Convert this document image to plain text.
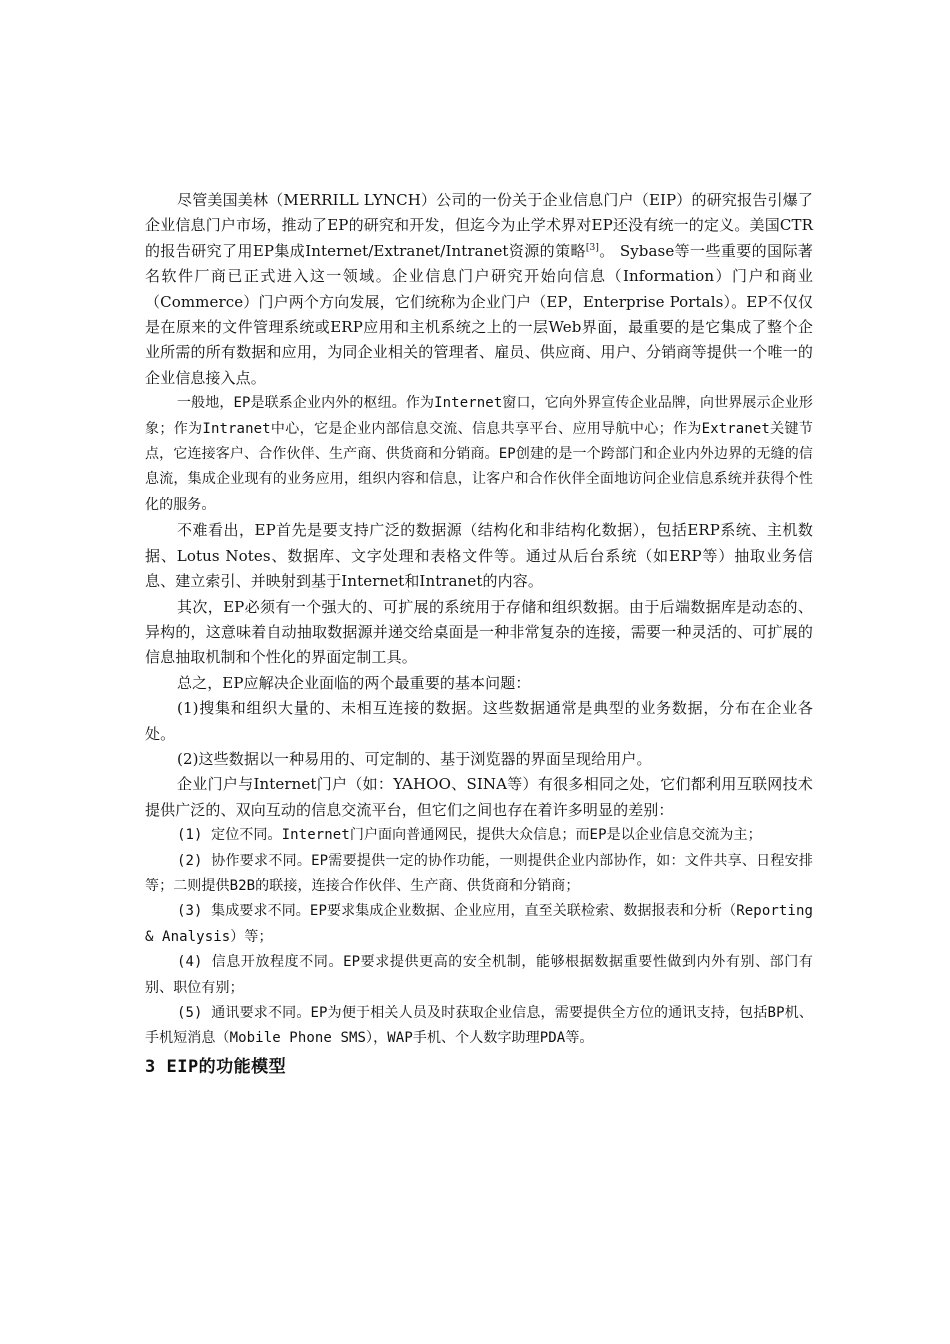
尽管美国美林（MERRILL LYNCH）公司的一份关于企业信息门户（EIP）的研究报告引爆了企业信息门户市场，推动了EP的研究和开发，但迄今为止学术界对EP还没有统一的定义。美国CTR的报告研究了用EP集成Internet/Extranet/Intranet资源的策略[3]。 Sybase等一些重要的国际著名软件厂商已正式进入这一领域。企业信息门户研究开始向信息（Information）门户和商业（Commerce）门户两个方向发展，它们统称为企业门户（EP，Enterprise Portals）。EP不仅仅是在原来的文件管理系统或ERP应用和主机系统之上的一层Web界面，最重要的是它集成了整个企业所需的所有数据和应用，为同企业相关的管理者、雇员、供应商、用户、分销商等提供一个唯一的企业信息接入点。

一般地，EP是联系企业内外的枢纽。作为Internet窗口，它向外界宣传企业品牌，向世界展示企业形象；作为Intranet中心，它是企业内部信息交流、信息共享平台、应用导航中心；作为Extranet关键节点，它连接客户、合作伙伴、生产商、供货商和分销商。EP创建的是一个跨部门和企业内外边界的无缝的信息流，集成企业现有的业务应用，组织内容和信息，让客户和合作伙伴全面地访问企业信息系统并获得个性化的服务。

不难看出，EP首先是要支持广泛的数据源（结构化和非结构化数据），包括ERP系统、主机数据、Lotus Notes、数据库、文字处理和表格文件等。通过从后台系统（如ERP等）抽取业务信息、建立索引、并映射到基于Internet和Intranet的内容。

其次，EP必须有一个强大的、可扩展的系统用于存储和组织数据。由于后端数据库是动态的、异构的，这意味着自动抽取数据源并递交给桌面是一种非常复杂的连接，需要一种灵活的、可扩展的信息抽取机制和个性化的界面定制工具。

总之，EP应解决企业面临的两个最重要的基本问题：

(1)搜集和组织大量的、未相互连接的数据。这些数据通常是典型的业务数据，分布在企业各处。

(2)这些数据以一种易用的、可定制的、基于浏览器的界面呈现给用户。

企业门户与Internet门户（如：YAHOO、SINA等）有很多相同之处，它们都利用互联网技术提供广泛的、双向互动的信息交流平台，但它们之间也存在着许多明显的差别：

(1) 定位不同。Internet门户面向普通网民，提供大众信息；而EP是以企业信息交流为主；

(2) 协作要求不同。EP需要提供一定的协作功能，一则提供企业内部协作，如：文件共享、日程安排等；二则提供B2B的联接，连接合作伙伴、生产商、供货商和分销商；

(3) 集成要求不同。EP要求集成企业数据、企业应用，直至关联检索、数据报表和分析（Reporting & Analysis）等；

(4) 信息开放程度不同。EP要求提供更高的安全机制，能够根据数据重要性做到内外有别、部门有别、职位有别；

(5) 通讯要求不同。EP为便于相关人员及时获取企业信息，需要提供全方位的通讯支持，包括BP机、手机短消息（Mobile Phone SMS），WAP手机、个人数字助理PDA等。

3 EIP的功能模型
